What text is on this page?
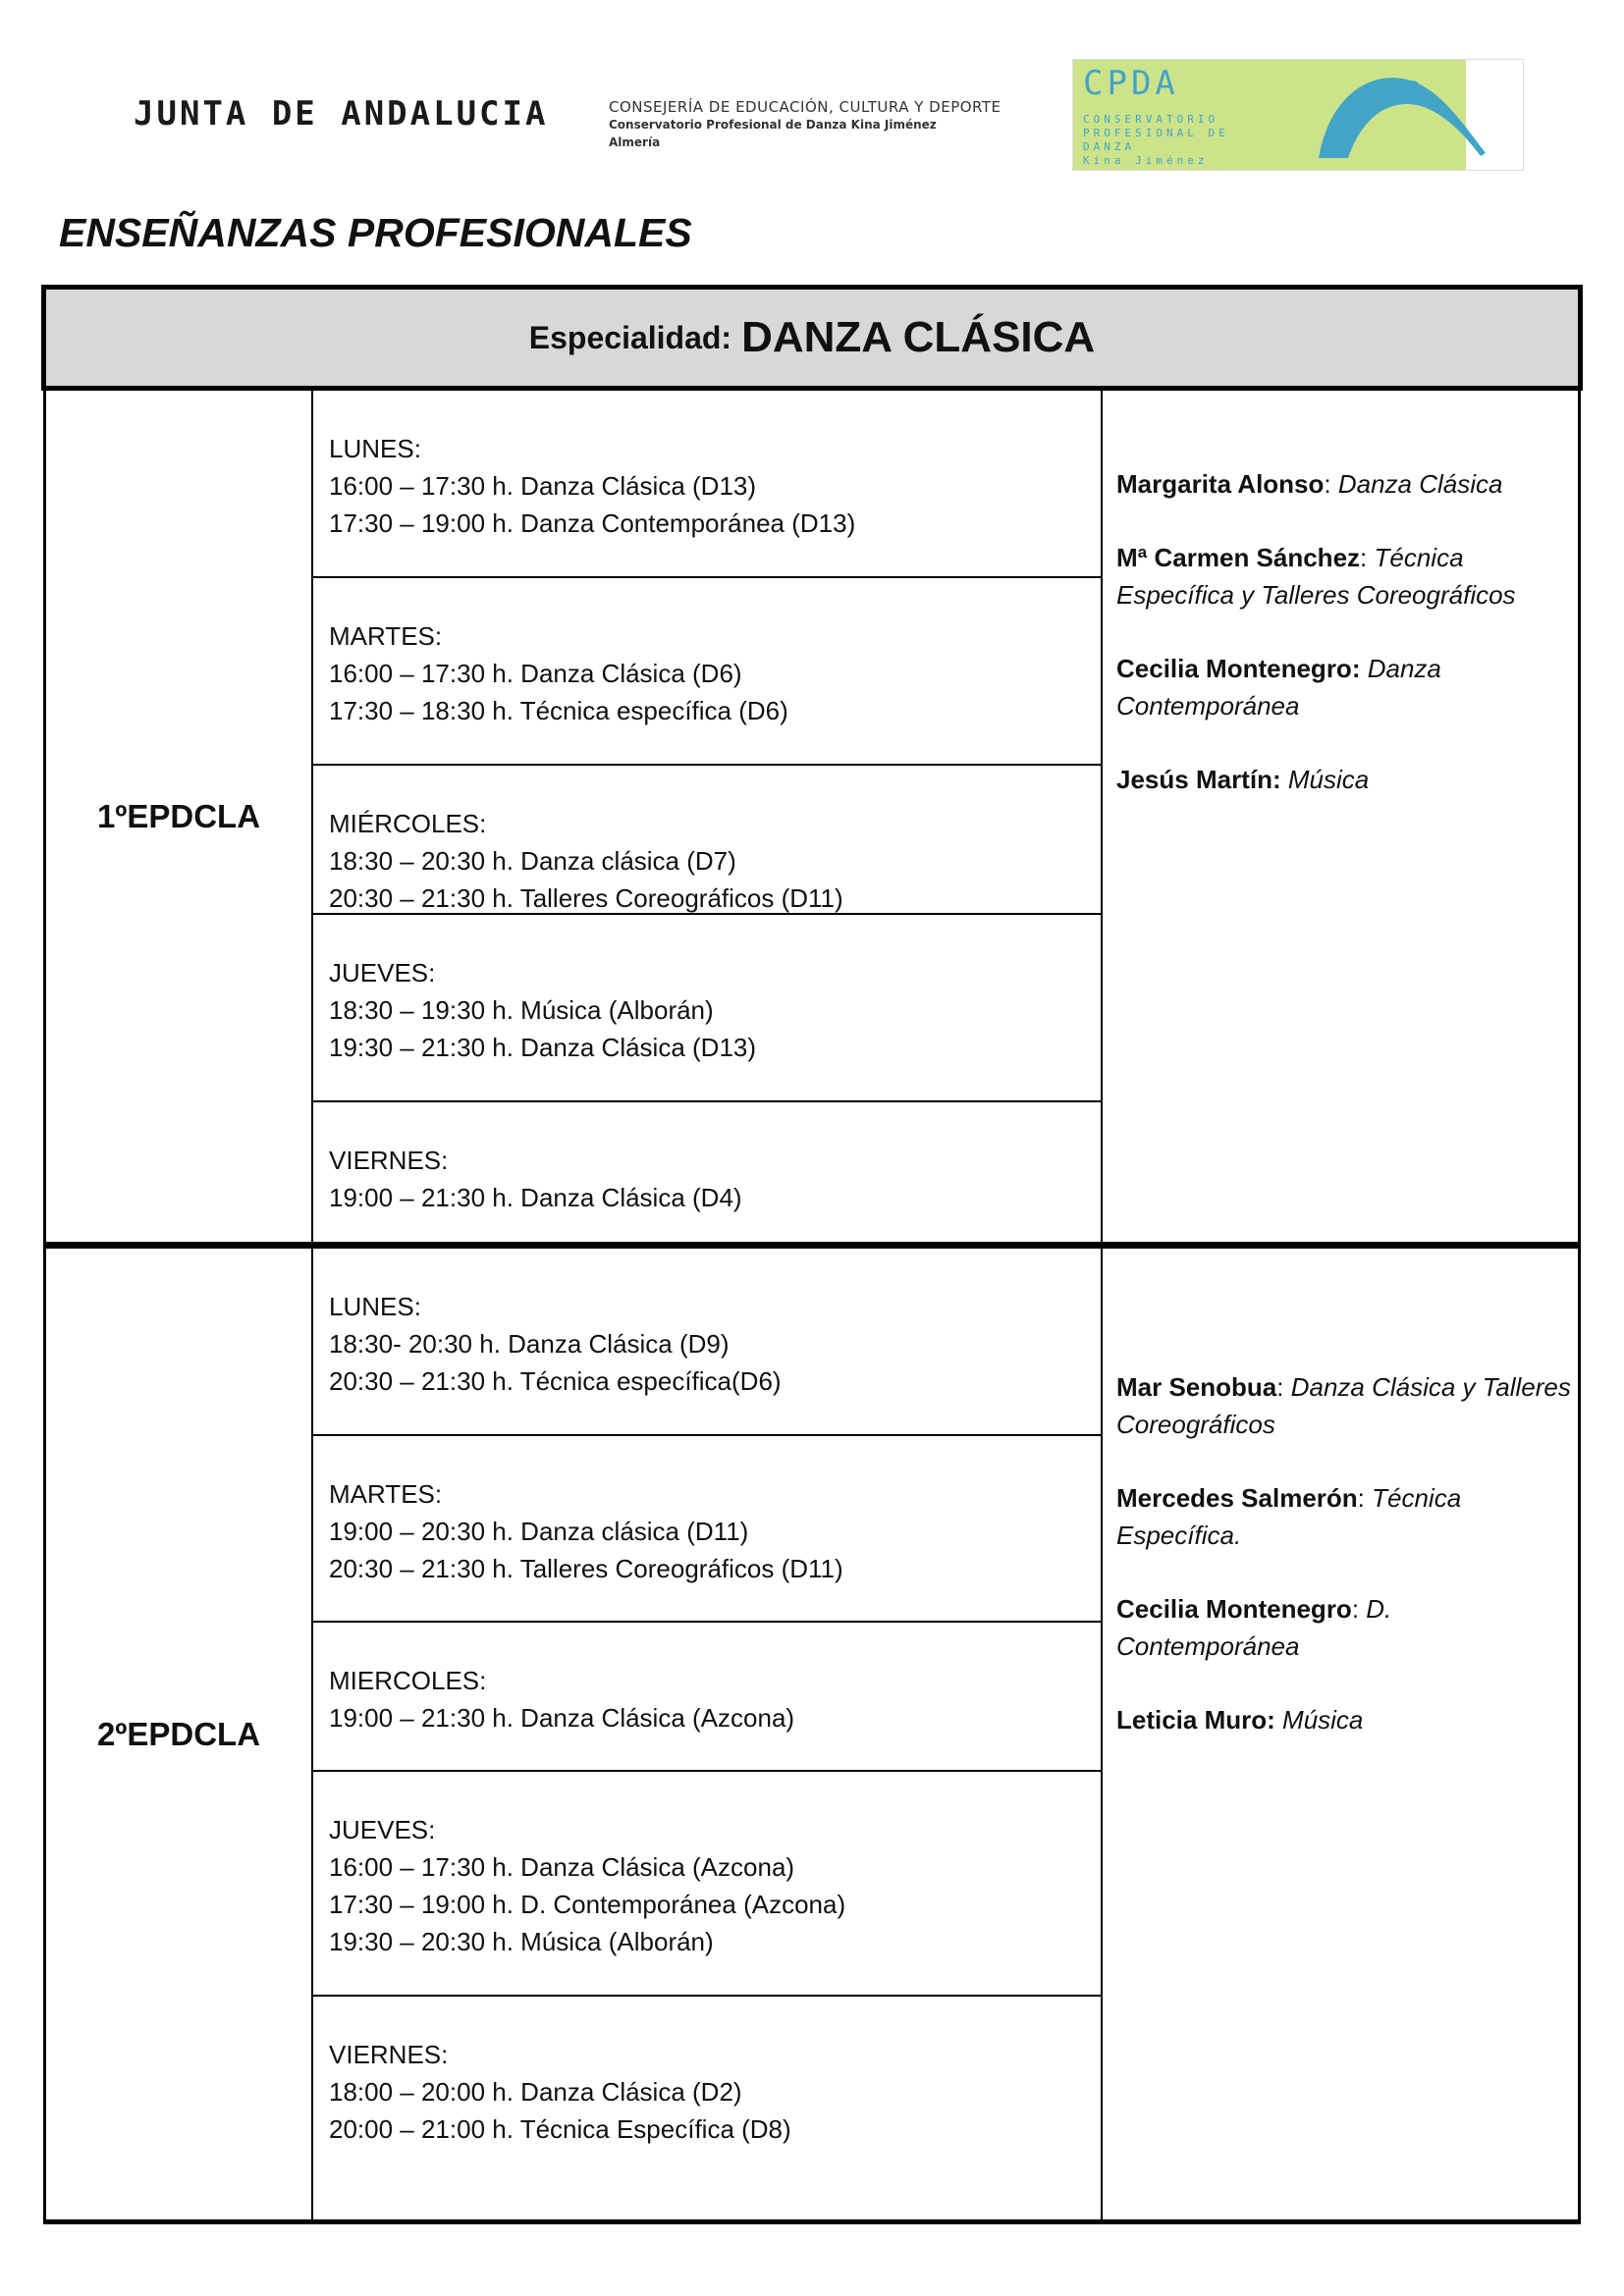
JUNTA DE ANDALUCIA	CONSEJERÍA DE EDUCACIÓN, CULTURA Y DEPORTE
Conservatorio Profesional de Danza Kina Jiménez
Almería
CPDA
CONSERVATORIO
PROFESIONAL DE
DANZA
Kina Jiménez
ENSEÑANZAS PROFESIONALES
Especialidad: DANZA CLÁSICA
1ºEPDCLA
LUNES:
16:00 – 17:30 h. Danza Clásica (D13)
17:30 – 19:00 h. Danza Contemporánea (D13)
MARTES:
16:00 – 17:30 h. Danza Clásica (D6)
17:30 – 18:30 h. Técnica específica (D6)
MIÉRCOLES:
18:30 – 20:30 h. Danza clásica (D7)
20:30 – 21:30 h. Talleres Coreográficos (D11)
JUEVES:
18:30 – 19:30 h. Música (Alborán)
19:30 – 21:30 h. Danza Clásica (D13)
VIERNES:
19:00 – 21:30 h. Danza Clásica (D4)
Margarita Alonso: Danza Clásica
Mª Carmen Sánchez: Técnica Específica y Talleres Coreográficos
Cecilia Montenegro: Danza Contemporánea
Jesús Martín: Música
2ºEPDCLA
LUNES:
18:30- 20:30 h. Danza Clásica (D9)
20:30 – 21:30 h. Técnica específica(D6)
MARTES:
19:00 – 20:30 h. Danza clásica (D11)
20:30 – 21:30 h. Talleres Coreográficos (D11)
MIERCOLES:
19:00 – 21:30 h. Danza Clásica (Azcona)
JUEVES:
16:00 – 17:30 h. Danza Clásica (Azcona)
17:30 – 19:00 h. D. Contemporánea (Azcona)
19:30 – 20:30 h. Música (Alborán)
VIERNES:
18:00 – 20:00 h. Danza Clásica (D2)
20:00 – 21:00 h. Técnica Específica (D8)
Mar Senobua: Danza Clásica y Talleres Coreográficos
Mercedes Salmerón: Técnica Específica.
Cecilia Montenegro: D. Contemporánea
Leticia Muro: Música
